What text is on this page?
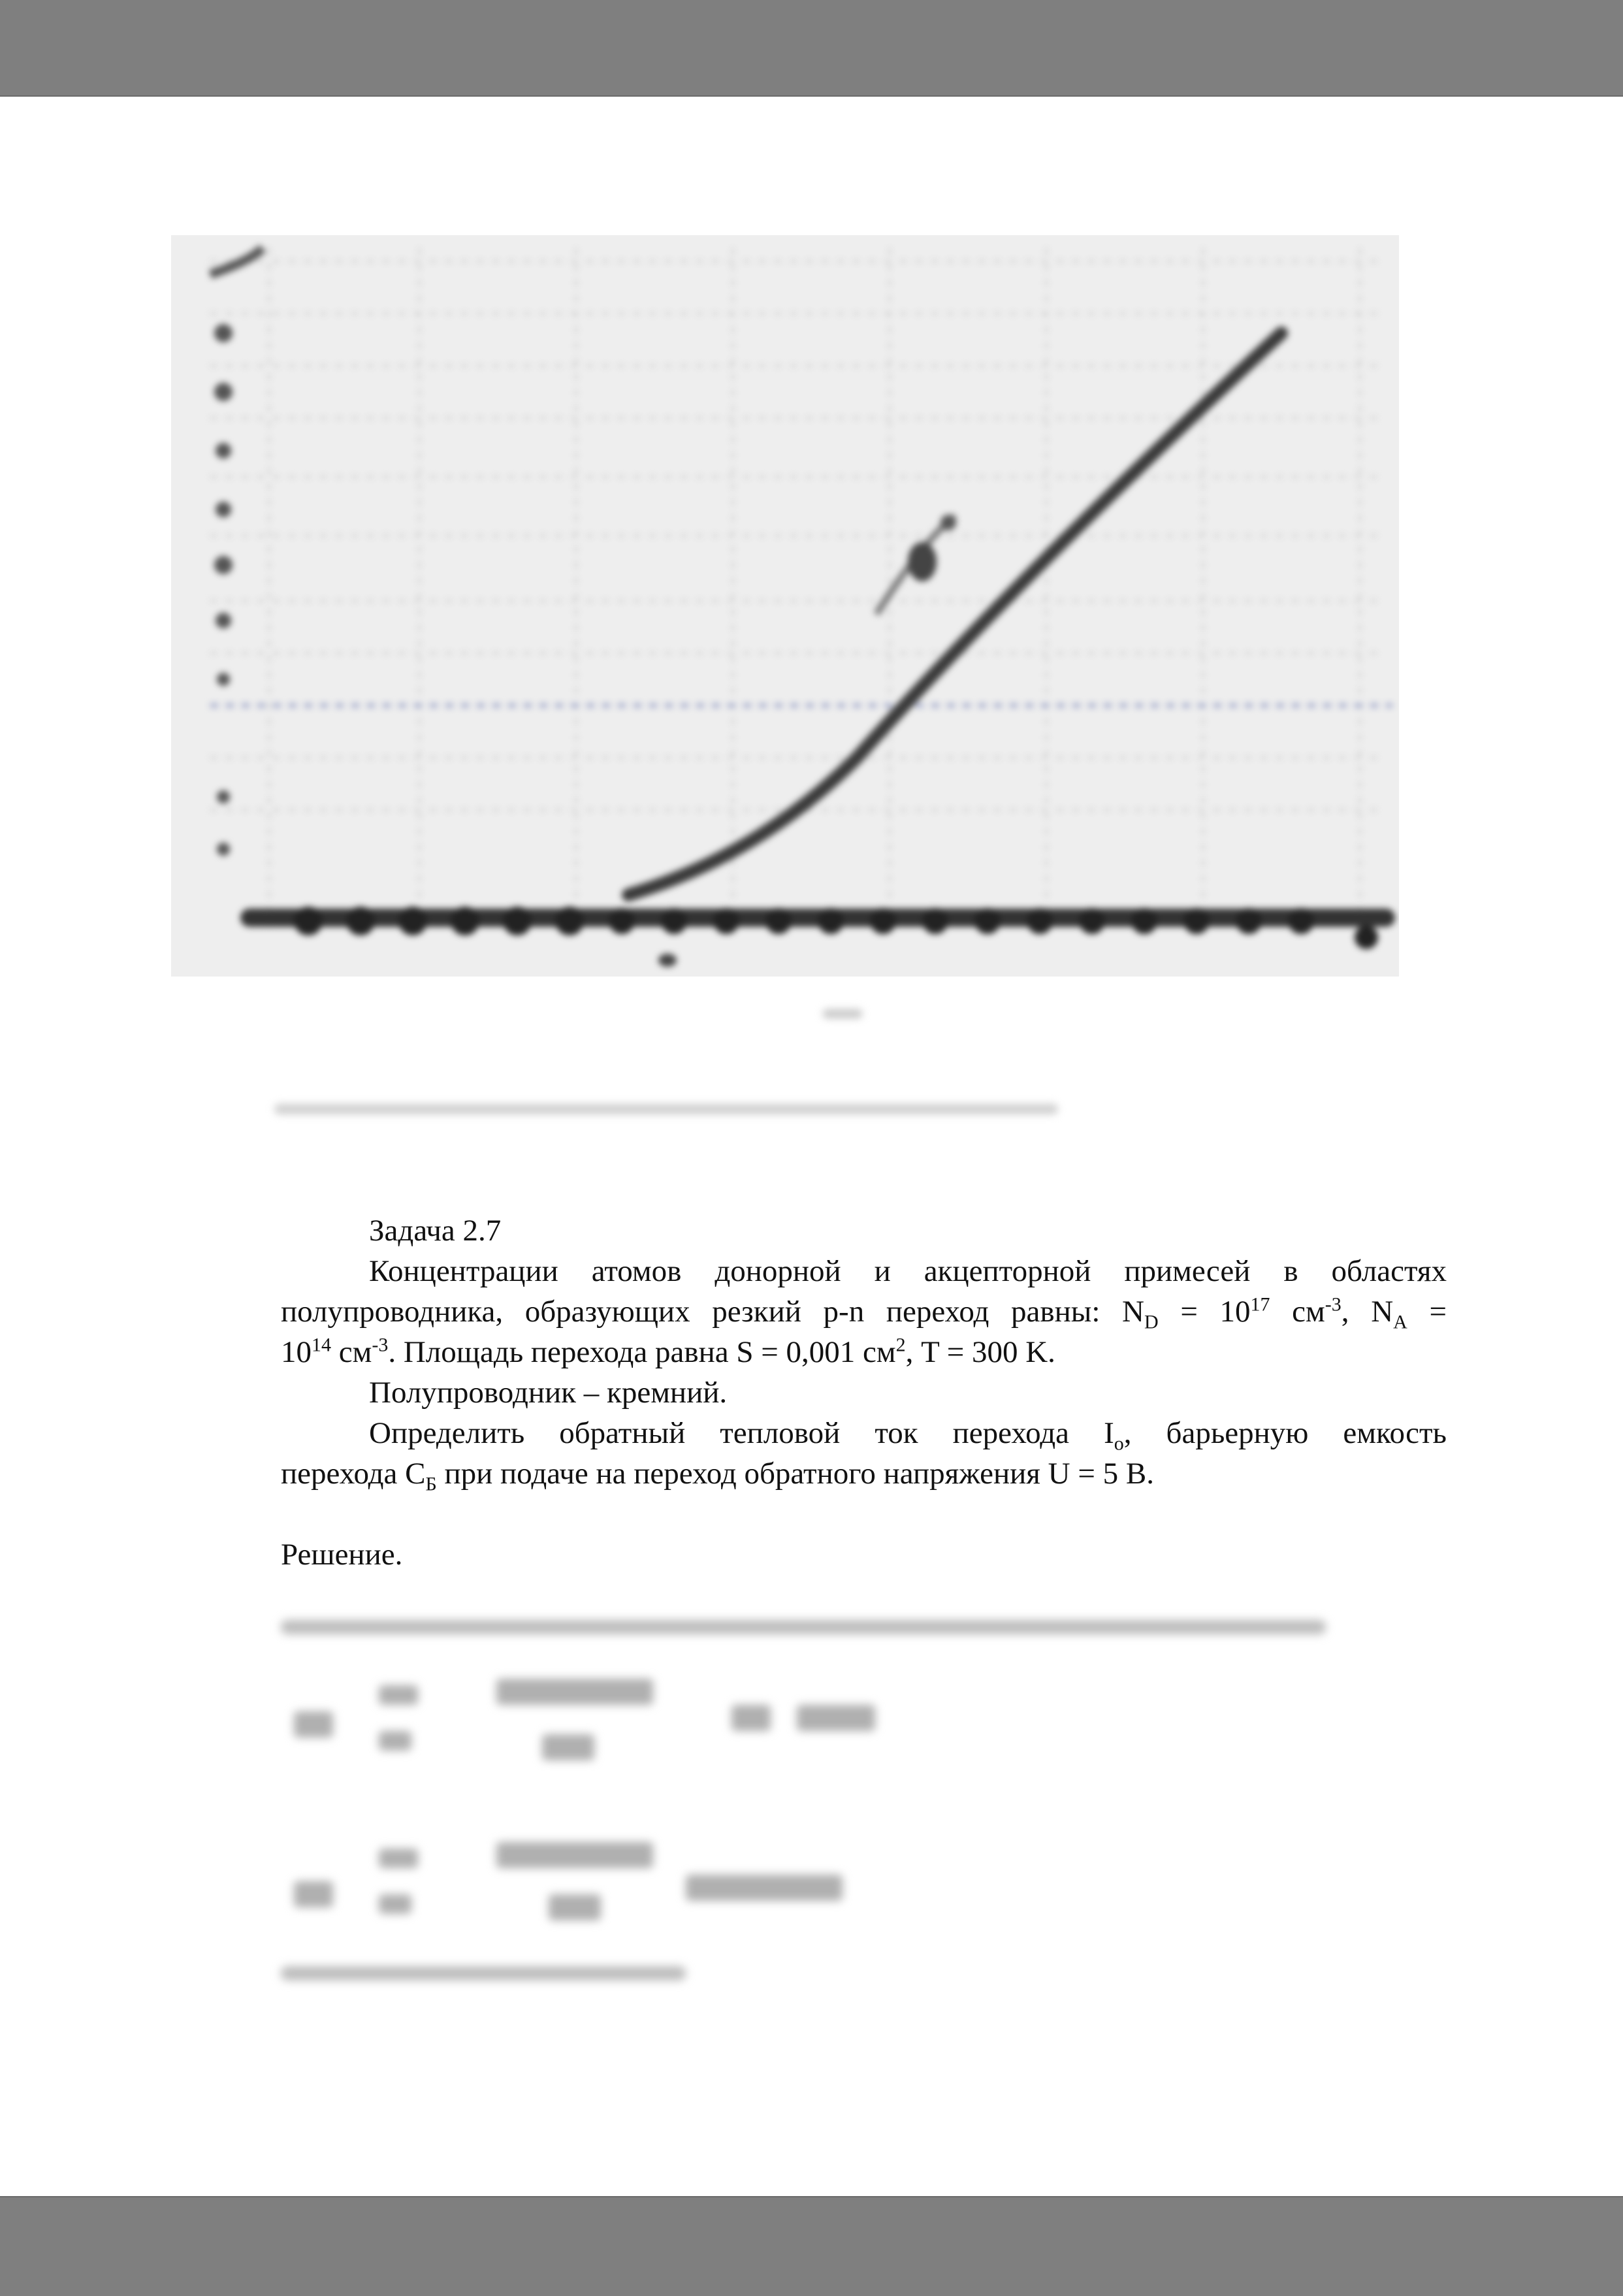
Задача 2.7
Концентрации атомов донорной и акцепторной примесей в областях
полупроводника, образующих резкий p-n переход равны: $N_D = 10^{17}$ $см^{-3}$, $N_A$ =
$10^{14}$ $см^{-3}$. Площадь перехода равна S = 0,001 $см^2$, T = 300 K.
Полупроводник – кремний.
Определить обратный тепловой ток перехода $I_o$, барьерную емкость
перехода $C_Б$ при подаче на переход обратного напряжения U = 5 B.
Решение.
